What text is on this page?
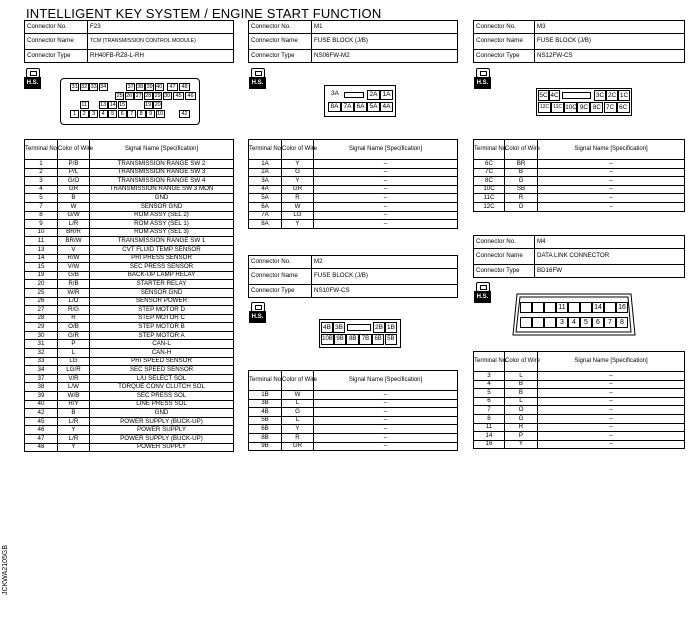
INTELLIGENT KEY SYSTEM / ENGINE START FUNCTION
Connector No.	F23
Connector Name	TCM (TRANSMISSION CONTROL MODULE)
Connector Type	RH40FB-RZ8-L-RH
H.S.
31 32 33 34	37 38 39 40	47	48
25 26 27 28 29 30 45	46
11	13 14 15	19 20
1	2	3	4	5	6	7	8	9 10	42
Connector No.	M1
Connector Name	FUSE BLOCK (J/B)
Connector Type	NS06FW-M2
H.S.
3A	2A 1A
8A 7A 6A 5A 4A
Connector No.	M3
Connector Name	FUSE BLOCK (J/B)
Connector Type	NS12FW-CS
H.S.
5C 4C	3C 2C 1C
12C 11C 10C 9C 8C 7C 6C
Terminal No.	Color of Wire	Signal Name [Specification]
1	P/B	TRANSMISSION RANGE SW 2
2	P/L	TRANSMISSION RANGE SW 3
3	G/O	TRANSMISSION RANGE SW 4
4	GR	TRANSMISSION RANGE SW 3 MON
5	B	GND
7	W	SENSOR GND
8	G/W	ROM ASSY (SEL 2)
9	L/R	ROM ASSY (SEL 1)
10	BR/R	ROM ASSY (SEL 3)
11	BR/W	TRANSMISSION RANGE SW 1
13	V	CVT FLUID TEMP SENSOR
14	R/W	PRI PRESS SENSOR
15	V/W	SEC PRESS SENSOR
19	G/B	BACK-UP LAMP RELAY
20	R/B	STARTER RELAY
25	W/R	SENSOR GND
26	L/O	SENSOR POWER
27	R/G	STEP MOTOR D
28	R	STEP MOTOR C
29	O/B	STEP MOTOR B
30	G/R	STEP MOTOR A
31	P	CAN-L
32	L	CAN-H
33	LG	PRI SPEED SENSOR
34	LG/R	SEC SPEED SENSOR
37	V/R	L/U SELECT SOL
38	L/W	TORQUE CONV CLUTCH SOL
39	W/B	SEC PRESS SOL
40	R/Y	LINE PRESS SOL
42	B	GND
45	L/R	POWER SUPPLY (BUCK-UP)
46	Y	POWER SUPPLY
47	L/R	POWER SUPPLY (BUCK-UP)
48	Y	POWER SUPPLY
Terminal No.	Color of Wire	Signal Name [Specification]
1A	Y	–
2A	G	–
3A	Y	–
4A	GR	–
5A	R	–
6A	W	–
7A	LG	–
8A	Y	–
Terminal No.	Color of Wire	Signal Name [Specification]
6C	BR	–
7C	B	–
8C	G	–
10C	SB	–
11C	R	–
12C	O	–
Connector No.	M4
Connector Name	DATA LINK CONNECTOR
Connector Type	BD16FW
H.S.
11	14	16
3	4	5	6	7	8
Connector No.	M2
Connector Name	FUSE BLOCK (J/B)
Connector Type	NS10FW-CS
H.S.
4B 3B	2B 1B
10B 9B 8B 7B 6B 5B
Terminal No.	Color of Wire	Signal Name [Specification]
1B	W	–
3B	L	–
4B	G	–
5B	L	–
6B	Y	–
8B	R	–
9B	GR	–
Terminal No.	Color of Wire	Signal Name [Specification]
3	L	–
4	B	–
5	B	–
6	L	–
7	O	–
8	G	–
11	R	–
14	P	–
16	Y	–
JCKWA2105GB
